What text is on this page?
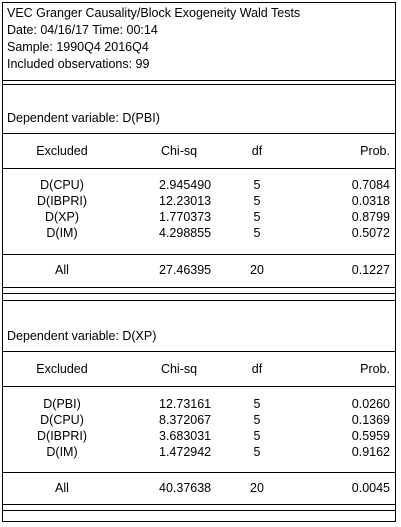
VEC Granger Causality/Block Exogeneity Wald Tests
Date: 04/16/17 Time: 00:14
Sample: 1990Q4 2016Q4
Included observations: 99
Dependent variable: D(PBI)
Excluded	Chi-sq	df	Prob.
D(CPU)	2.945490	5	0.7084
D(IBPRI)	12.23013	5	0.0318
D(XP)	1.770373	5	0.8799
D(IM)	4.298855	5	0.5072
All	27.46395	20	0.1227
Dependent variable: D(XP)
Excluded	Chi-sq	df	Prob.
D(PBI)	12.73161	5	0.0260
D(CPU)	8.372067	5	0.1369
D(IBPRI)	3.683031	5	0.5959
D(IM)	1.472942	5	0.9162
All	40.37638	20	0.0045
